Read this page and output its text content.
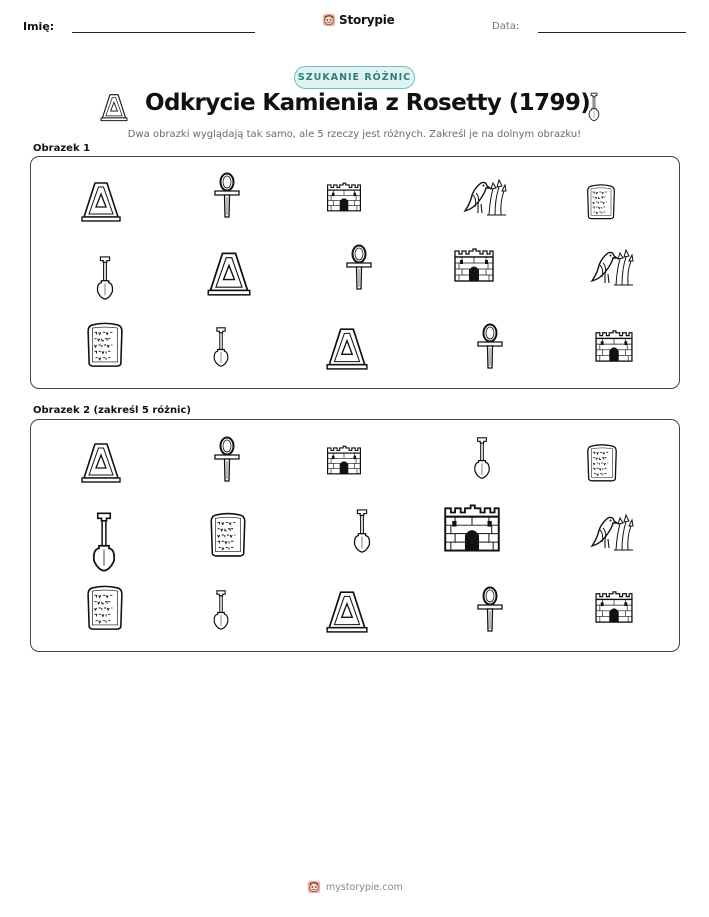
Imię:	Storypie	Data:
SZUKANIE RÓŻNIC
Odkrycie Kamienia z Rosetty (1799)
Dwa obrazki wyglądają tak samo, ale 5 rzeczy jest różnych. Zakreśl je na dolnym obrazku!
Obrazek 1
Obrazek 2 (zakreśl 5 różnic)
mystorypie.com
